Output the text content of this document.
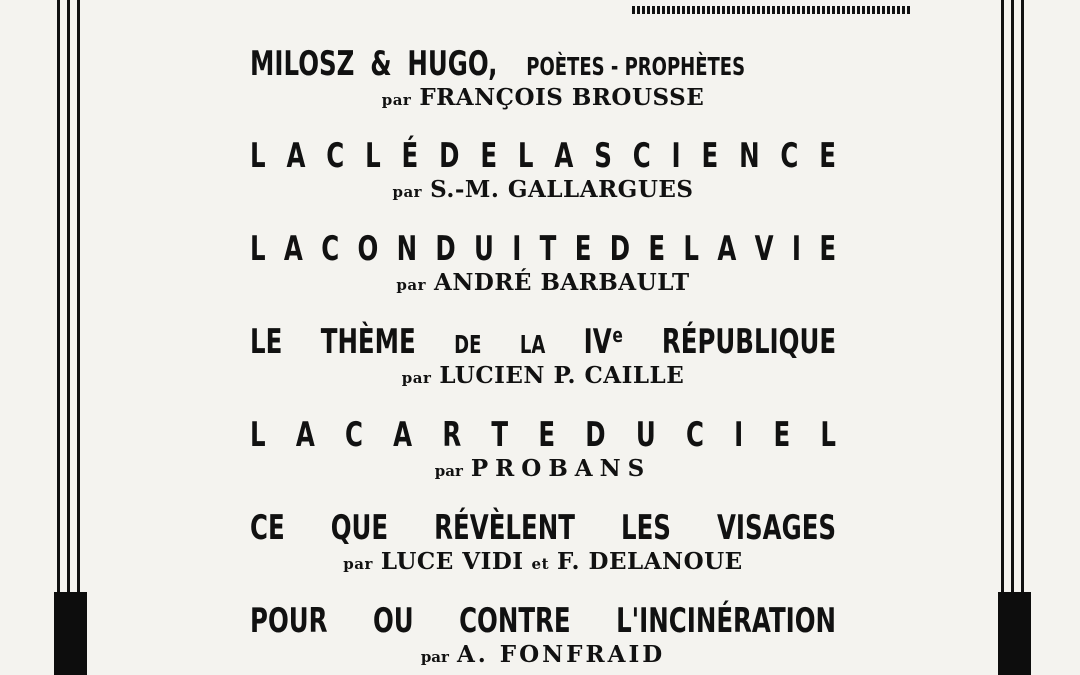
MILOSZ & HUGO, POÈTES - PROPHÈTES
par FRANÇOIS BROUSSE
L A C L É D E L A S C I E N C E
par S.-M. GALLARGUES
L A C O N D U I T E D E L A V I E
par ANDRÉ BARBAULT
LE THÈME DE LA IVᵉ RÉPUBLIQUE
par LUCIEN P. CAILLE
L A C A R T E D U C I E L
par PROBANS
CE QUE RÉVÈLENT LES VISAGES
par LUCE VIDI et F. DELANOUE
POUR OU CONTRE L'INCINÉRATION
par A. FONFRAID
